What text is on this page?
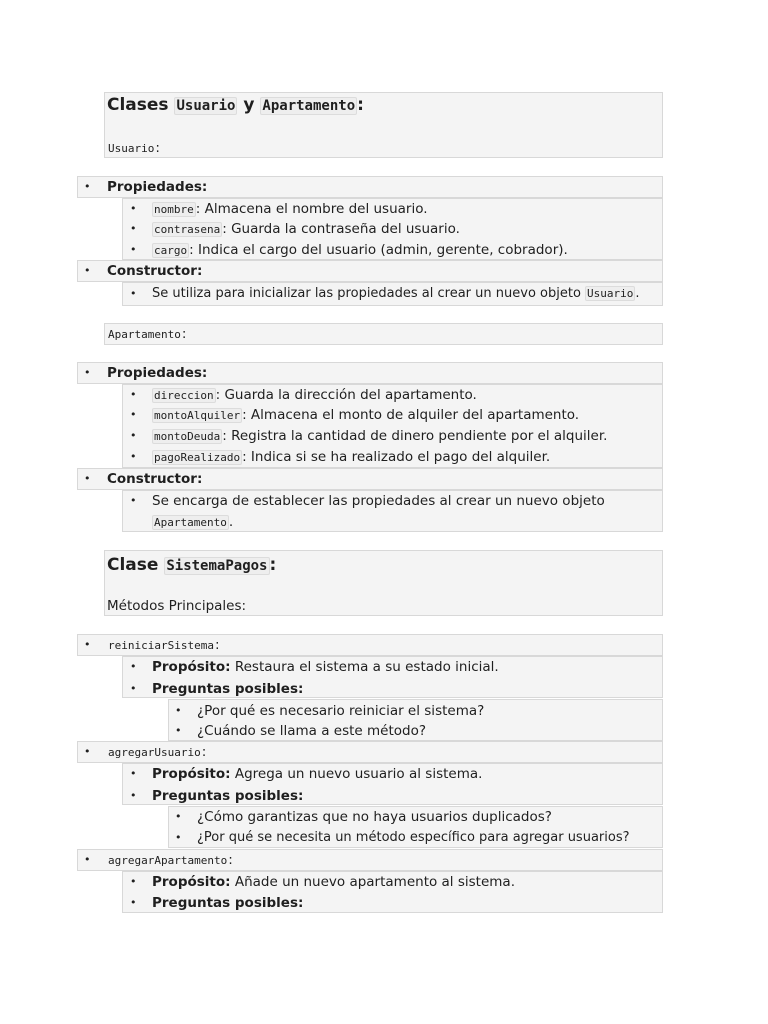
Clases Usuario y Apartamento :
Usuario:
• Propiedades:
• nombre : Almacena el nombre del usuario.
• contrasena : Guarda la contraseña del usuario.
• cargo : Indica el cargo del usuario (admin, gerente, cobrador).
• Constructor:
• Se utiliza para inicializar las propiedades al crear un nuevo objeto Usuario .
Apartamento:
• Propiedades:
• direccion : Guarda la dirección del apartamento.
• montoAlquiler : Almacena el monto de alquiler del apartamento.
• montoDeuda : Registra la cantidad de dinero pendiente por el alquiler.
• pagoRealizado : Indica si se ha realizado el pago del alquiler.
• Constructor:
• Se encarga de establecer las propiedades al crear un nuevo objeto
Apartamento .
Clase SistemaPagos :
Métodos Principales:
• reiniciarSistema:
• Propósito: Restaura el sistema a su estado inicial.
• Preguntas posibles:
• ¿Por qué es necesario reiniciar el sistema?
• ¿Cuándo se llama a este método?
• agregarUsuario:
• Propósito: Agrega un nuevo usuario al sistema.
• Preguntas posibles:
• ¿Cómo garantizas que no haya usuarios duplicados?
• ¿Por qué se necesita un método específico para agregar usuarios?
• agregarApartamento:
• Propósito: Añade un nuevo apartamento al sistema.
• Preguntas posibles:
